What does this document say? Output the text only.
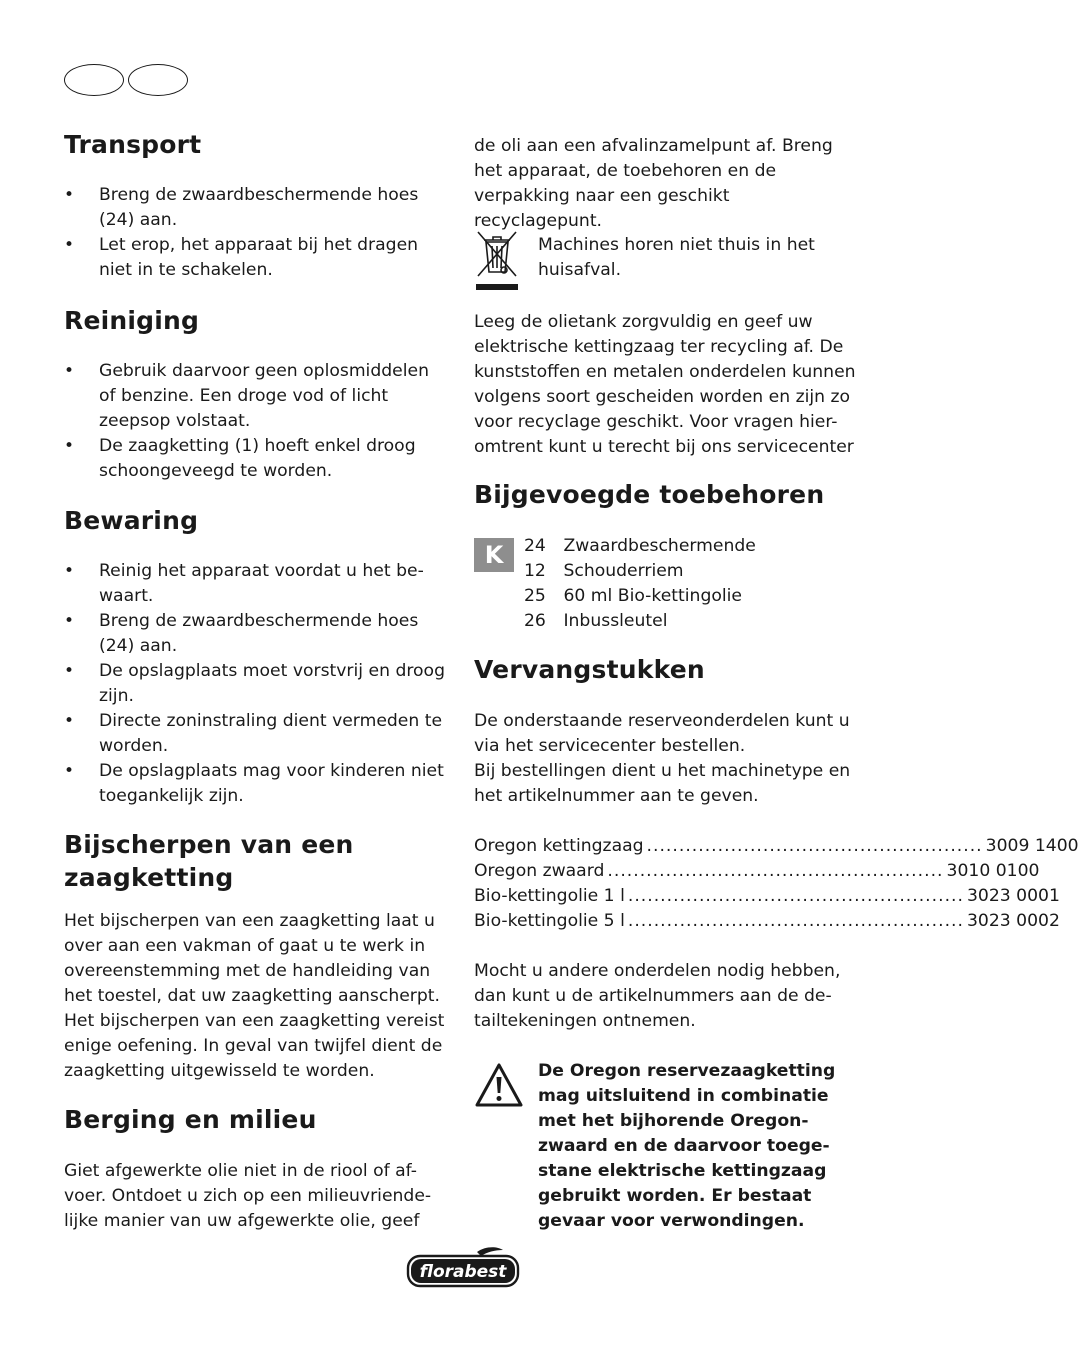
Transport
• Breng de zwaardbeschermende hoes (24) aan.
• Let erop, het apparaat bij het dragen niet in te schakelen.
Reiniging
• Gebruik daarvoor geen oplosmiddelen of benzine. Een droge vod of licht zeepsop volstaat.
• De zaagketting (1) hoeft enkel droog schoongeveegd te worden.
Bewaring
• Reinig het apparaat voordat u het be-waart.
• Breng de zwaardbeschermende hoes (24) aan.
• De opslagplaats moet vorstvrij en droog zijn.
• Directe zoninstraling dient vermeden te worden.
• De opslagplaats mag voor kinderen niet toegankelijk zijn.
Bijscherpen van een
zaagketting

Het bijscherpen van een zaagketting laat u over aan een vakman of gaat u te werk in overeenstemming met de handleiding van het toestel, dat uw zaagketting aanscherpt. Het bijscherpen van een zaagketting vereist enige oefening. In geval van twijfel dient de zaagketting uitgewisseld te worden.

Berging en milieu

Giet afgewerkte olie niet in de riool of af-voer. Ontdoet u zich op een milieuvriende-lijke manier van uw afgewerkte olie, geef

de oli aan een afvalinzamelpunt af. Breng het apparaat, de toebehoren en de verpakking naar een geschikt recyclagepunt.

Machines horen niet thuis in het huisafval.

Leeg de olietank zorgvuldig en geef uw elektrische kettingzaag ter recycling af. De kunststoffen en metalen onderdelen kunnen volgens soort gescheiden worden en zijn zo voor recyclage geschikt. Voor vragen hier-omtrent kunt u terecht bij ons servicecenter

Bijgevoegde toebehoren
K	24 Zwaardbeschermende
12 Schouderriem
25 60 ml Bio-kettingolie
26 Inbussleutel
Vervangstukken

De onderstaande reserveonderdelen kunt u via het servicecenter bestellen.

Bij bestellingen dient u het machinetype en het artikelnummer aan te geven.

Oregon kettingzaag .................................................... 3009 1400
Oregon zwaard .................................................... 3010 0100
Bio-kettingolie 1 l .................................................... 3023 0001
Bio-kettingolie 5 l .................................................... 3023 0002

Mocht u andere onderdelen nodig hebben, dan kunt u de artikelnummers aan de de-tailtekeningen ontnemen.

De Oregon reservezaagketting mag uitsluitend in combinatie met het bijhorende Oregon-zwaard en de daarvoor toege-stane elektrische kettingzaag gebruikt worden. Er bestaat gevaar voor verwondingen.
florabest
